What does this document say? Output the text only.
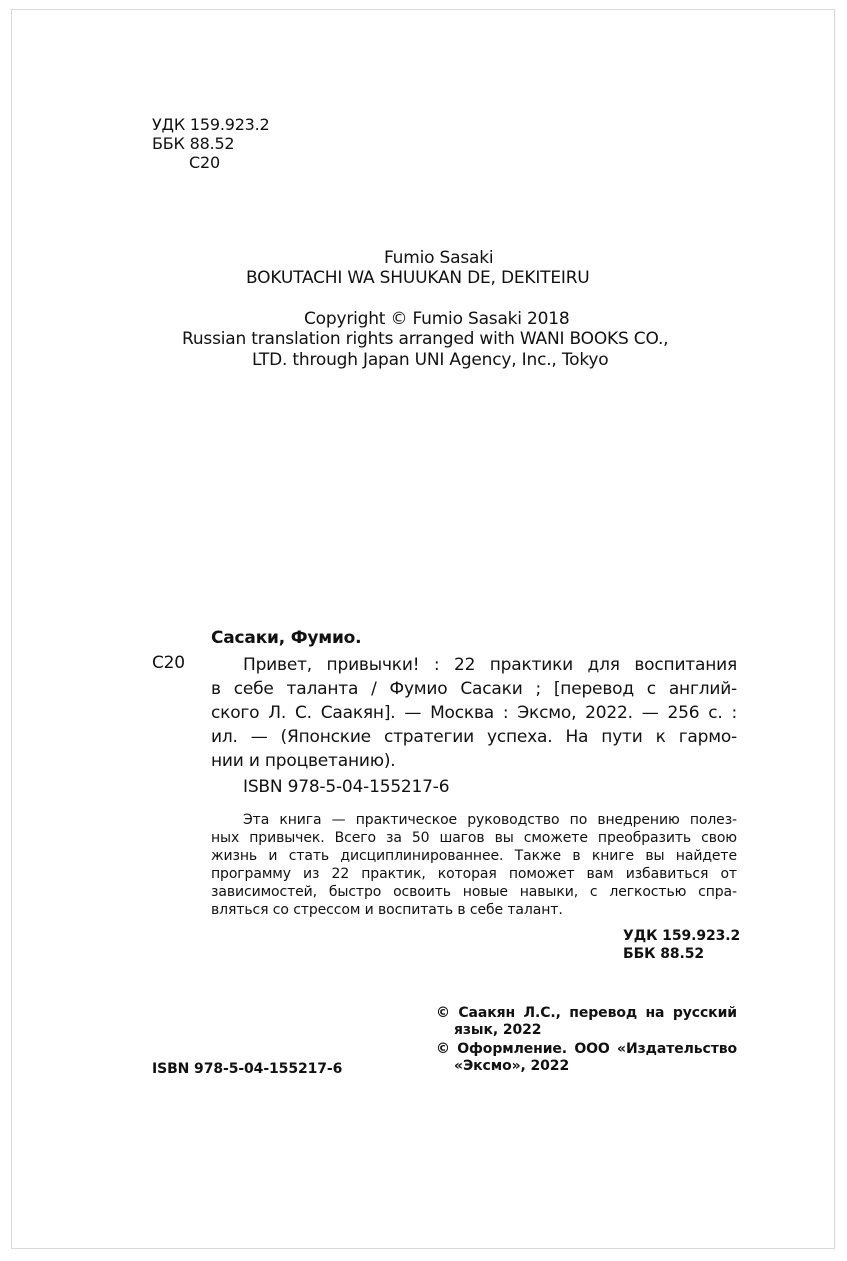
УДК 159.923.2
ББК 88.52
С20
Fumio Sasaki
BOKUTACHI WA SHUUKAN DE, DEKITEIRU
Copyright © Fumio Sasaki 2018
Russian translation rights arranged with WANI BOOKS CO.,
LTD. through Japan UNI Agency, Inc., Tokyo
Сасаки, Фумио.
С20	Привет, привычки! : 22 практики для воспитания
в себе таланта / Фумио Сасаки ; [перевод с англий-
ского Л. С. Саакян]. — Москва : Эксмо, 2022. — 256 с. :
ил. — (Японские стратегии успеха. На пути к гармо-
нии и процветанию).
ISBN 978-5-04-155217-6
Эта книга — практическое руководство по внедрению полез-
ных привычек. Всего за 50 шагов вы сможете преобразить свою
жизнь и стать дисциплинированнее. Также в книге вы найдете
программу из 22 практик, которая поможет вам избавиться от
зависимостей, быстро освоить новые навыки, с легкостью спра-
вляться со стрессом и воспитать в себе талант.
УДК 159.923.2
ББК 88.52
© Саакян Л.С., перевод на русский
язык, 2022
© Оформление. ООО «Издательство
«Эксмо», 2022
ISBN 978-5-04-155217-6
